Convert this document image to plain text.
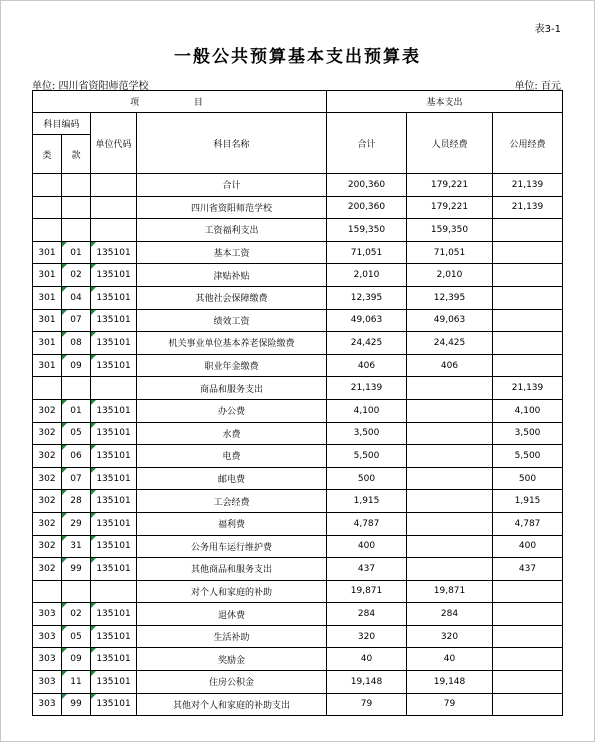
表3-1
一般公共预算基本支出预算表
单位: 四川省资阳师范学校	单位: 百元
项 目				基本支出		
科目编码		单位代码	科目名称	合计	人员经费	公用经费
类	款					
			合计	200,360	179,221	21,139
			四川省资阳师范学校	200,360	179,221	21,139
			工资福利支出	159,350	159,350	
301	01	135101	基本工资	71,051	71,051	
301	02	135101	津贴补贴	2,010	2,010	
301	04	135101	其他社会保障缴费	12,395	12,395	
301	07	135101	绩效工资	49,063	49,063	
301	08	135101	机关事业单位基本养老保险缴费	24,425	24,425	
301	09	135101	职业年金缴费	406	406	
			商品和服务支出	21,139		21,139
302	01	135101	办公费	4,100		4,100
302	05	135101	水费	3,500		3,500
302	06	135101	电费	5,500		5,500
302	07	135101	邮电费	500		500
302	28	135101	工会经费	1,915		1,915
302	29	135101	福利费	4,787		4,787
302	31	135101	公务用车运行维护费	400		400
302	99	135101	其他商品和服务支出	437		437
			对个人和家庭的补助	19,871	19,871	
303	02	135101	退休费	284	284	
303	05	135101	生活补助	320	320	
303	09	135101	奖励金	40	40	
303	11	135101	住房公积金	19,148	19,148	
303	99	135101	其他对个人和家庭的补助支出	79	79	
